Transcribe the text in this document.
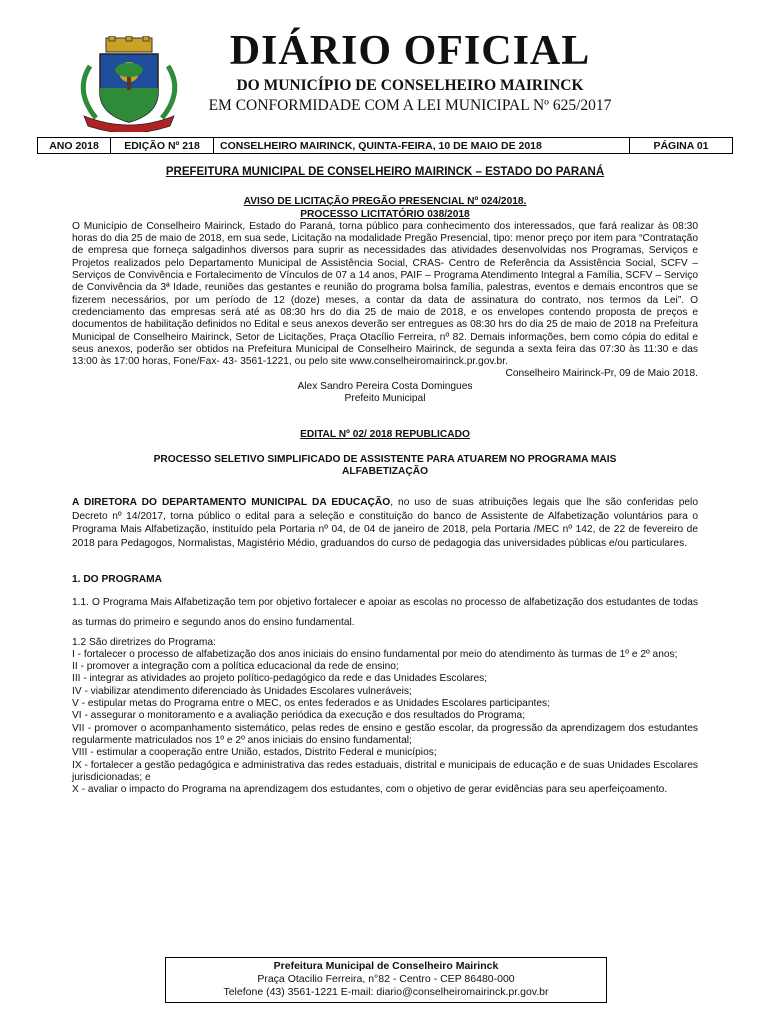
DIÁRIO OFICIAL
DO MUNICÍPIO DE CONSELHEIRO MAIRINCK
EM CONFORMIDADE COM A LEI MUNICIPAL Nº 625/2017
ANO 2018	EDIÇÃO Nº 218	CONSELHEIRO MAIRINCK, QUINTA-FEIRA, 10 DE MAIO DE 2018	PÁGINA 01
PREFEITURA MUNICIPAL DE CONSELHEIRO MAIRINCK – ESTADO DO PARANÁ
AVISO DE LICITAÇÃO PREGÃO PRESENCIAL Nº 024/2018.
PROCESSO LICITATÓRIO 038/2018

O Município de Conselheiro Mairinck, Estado do Paraná, torna público para conhecimento dos interessados, que fará realizar às 08:30 horas do dia 25 de maio de 2018, em sua sede, Licitação na modalidade Pregão Presencial, tipo: menor preço por item para “Contratação de empresa que forneça salgadinhos diversos para suprir as necessidades das atividades desenvolvidas nos Programas, Serviços e Projetos realizados pelo Departamento Municipal de Assistência Social, CRAS- Centro de Referência da Assistência Social, SCFV – Serviços de Convivência e Fortalecimento de Vínculos de 07 a 14 anos, PAIF – Programa Atendimento Integral a Família, SCFV – Serviço de Convivência da 3ª Idade, reuniões das gestantes e reunião do programa bolsa família, palestras, eventos e demais encontros que se fizerem necessários, por um período de 12 (doze) meses, a contar da data de assinatura do contrato, nos termos da Lei”. O credenciamento das empresas será até as 08:30 hrs do dia 25 de maio de 2018, e os envelopes contendo proposta de preços e documentos de habilitação definidos no Edital e seus anexos deverão ser entregues as 08:30 hrs do dia 25 de maio de 2018 na Prefeitura Municipal de Conselheiro Mairinck, Setor de Licitações, Praça Otacílio Ferreira, nº 82. Demais informações, bem como cópia do edital e seus anexos, poderão ser obtidos na Prefeitura Municipal de Conselheiro Mairinck, de segunda a sexta feira das 07:30 às 11:30 e das 13:00 às 17:00 horas, Fone/Fax- 43- 3561-1221, ou pelo site www.conselheiromairinck.pr.gov.br.

Conselheiro Mairinck-Pr, 09 de Maio 2018.

Alex Sandro Pereira Costa Domingues

Prefeito Municipal

EDITAL Nº 02/ 2018 REPUBLICADO
PROCESSO SELETIVO SIMPLIFICADO DE ASSISTENTE PARA ATUAREM NO PROGRAMA MAIS ALFABETIZAÇÃO

A DIRETORA DO DEPARTAMENTO MUNICIPAL DA EDUCAÇÃO, no uso de suas atribuições legais que lhe são conferidas pelo Decreto nº 14/2017, torna público o edital para a seleção e constituição do banco de Assistente de Alfabetização voluntários para o Programa Mais Alfabetização, instituído pela Portaria nº 04, de 04 de janeiro de 2018, pela Portaria /MEC nº 142, de 22 de fevereiro de 2018 para Pedagogos, Normalistas, Magistério Médio, graduandos do curso de pedagogia das universidades públicas e/ou particulares.

1. DO PROGRAMA

1.1. O Programa Mais Alfabetização tem por objetivo fortalecer e apoiar as escolas no processo de alfabetização dos estudantes de todas as turmas do primeiro e segundo anos do ensino fundamental.

1.2 São diretrizes do Programa:

I - fortalecer o processo de alfabetização dos anos iniciais do ensino fundamental por meio do atendimento às turmas de 1º e 2º anos;

II - promover a integração com a política educacional da rede de ensino;

III - integrar as atividades ao projeto político-pedagógico da rede e das Unidades Escolares;

IV - viabilizar atendimento diferenciado às Unidades Escolares vulneráveis;

V - estipular metas do Programa entre o MEC, os entes federados e as Unidades Escolares participantes;

VI - assegurar o monitoramento e a avaliação periódica da execução e dos resultados do Programa;

VII - promover o acompanhamento sistemático, pelas redes de ensino e gestão escolar, da progressão da aprendizagem dos estudantes regularmente matriculados nos 1º e 2º anos iniciais do ensino fundamental;

VIII - estimular a cooperação entre União, estados, Distrito Federal e municípios;

IX - fortalecer a gestão pedagógica e administrativa das redes estaduais, distrital e municipais de educação e de suas Unidades Escolares jurisdicionadas; e

X - avaliar o impacto do Programa na aprendizagem dos estudantes, com o objetivo de gerar evidências para seu aperfeiçoamento.

Prefeitura Municipal de Conselheiro Mairinck
Praça Otacilio Ferreira, n°82 - Centro - CEP 86480-000
Telefone (43) 3561-1221 E-mail: diario@conselheiromairinck.pr.gov.br
